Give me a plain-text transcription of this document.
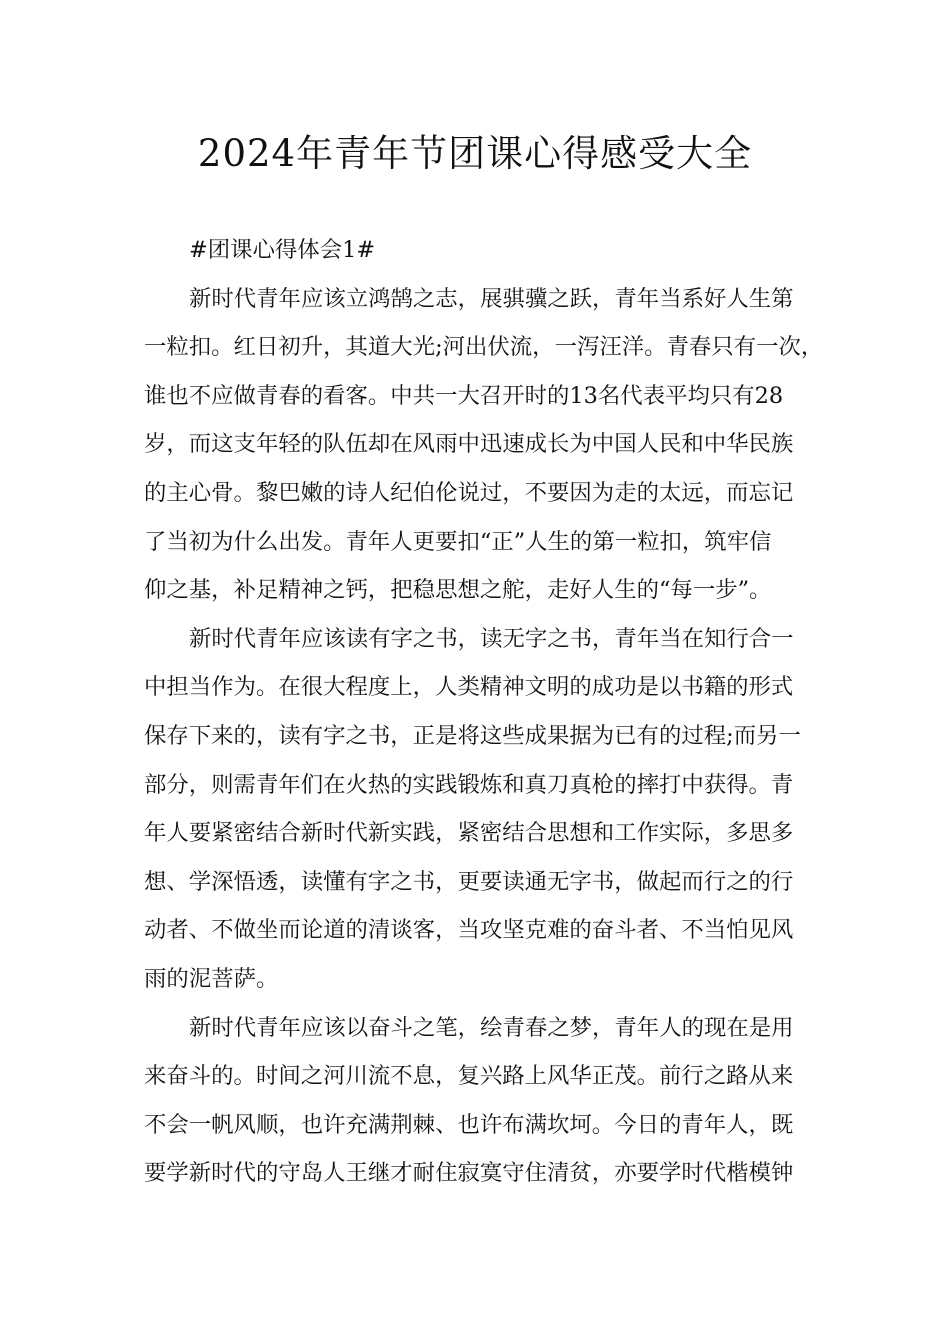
2024年青年节团课心得感受大全
#团课心得体会1#
新时代青年应该立鸿鹄之志，展骐骥之跃，青年当系好人生第
一粒扣。红日初升，其道大光;河出伏流，一泻汪洋。青春只有一次，
谁也不应做青春的看客。中共一大召开时的13名代表平均只有28
岁，而这支年轻的队伍却在风雨中迅速成长为中国人民和中华民族
的主心骨。黎巴嫩的诗人纪伯伦说过，不要因为走的太远，而忘记
了当初为什么出发。青年人更要扣“正”人生的第一粒扣，筑牢信
仰之基，补足精神之钙，把稳思想之舵，走好人生的“每一步”。
新时代青年应该读有字之书，读无字之书，青年当在知行合一
中担当作为。在很大程度上，人类精神文明的成功是以书籍的形式
保存下来的，读有字之书，正是将这些成果据为已有的过程;而另一
部分，则需青年们在火热的实践锻炼和真刀真枪的摔打中获得。青
年人要紧密结合新时代新实践，紧密结合思想和工作实际，多思多
想、学深悟透，读懂有字之书，更要读通无字书，做起而行之的行
动者、不做坐而论道的清谈客，当攻坚克难的奋斗者、不当怕见风
雨的泥菩萨。
新时代青年应该以奋斗之笔，绘青春之梦，青年人的现在是用
来奋斗的。时间之河川流不息，复兴路上风华正茂。前行之路从来
不会一帆风顺，也许充满荆棘、也许布满坎坷。今日的青年人，既
要学新时代的守岛人王继才耐住寂寞守住清贫，亦要学时代楷模钟
